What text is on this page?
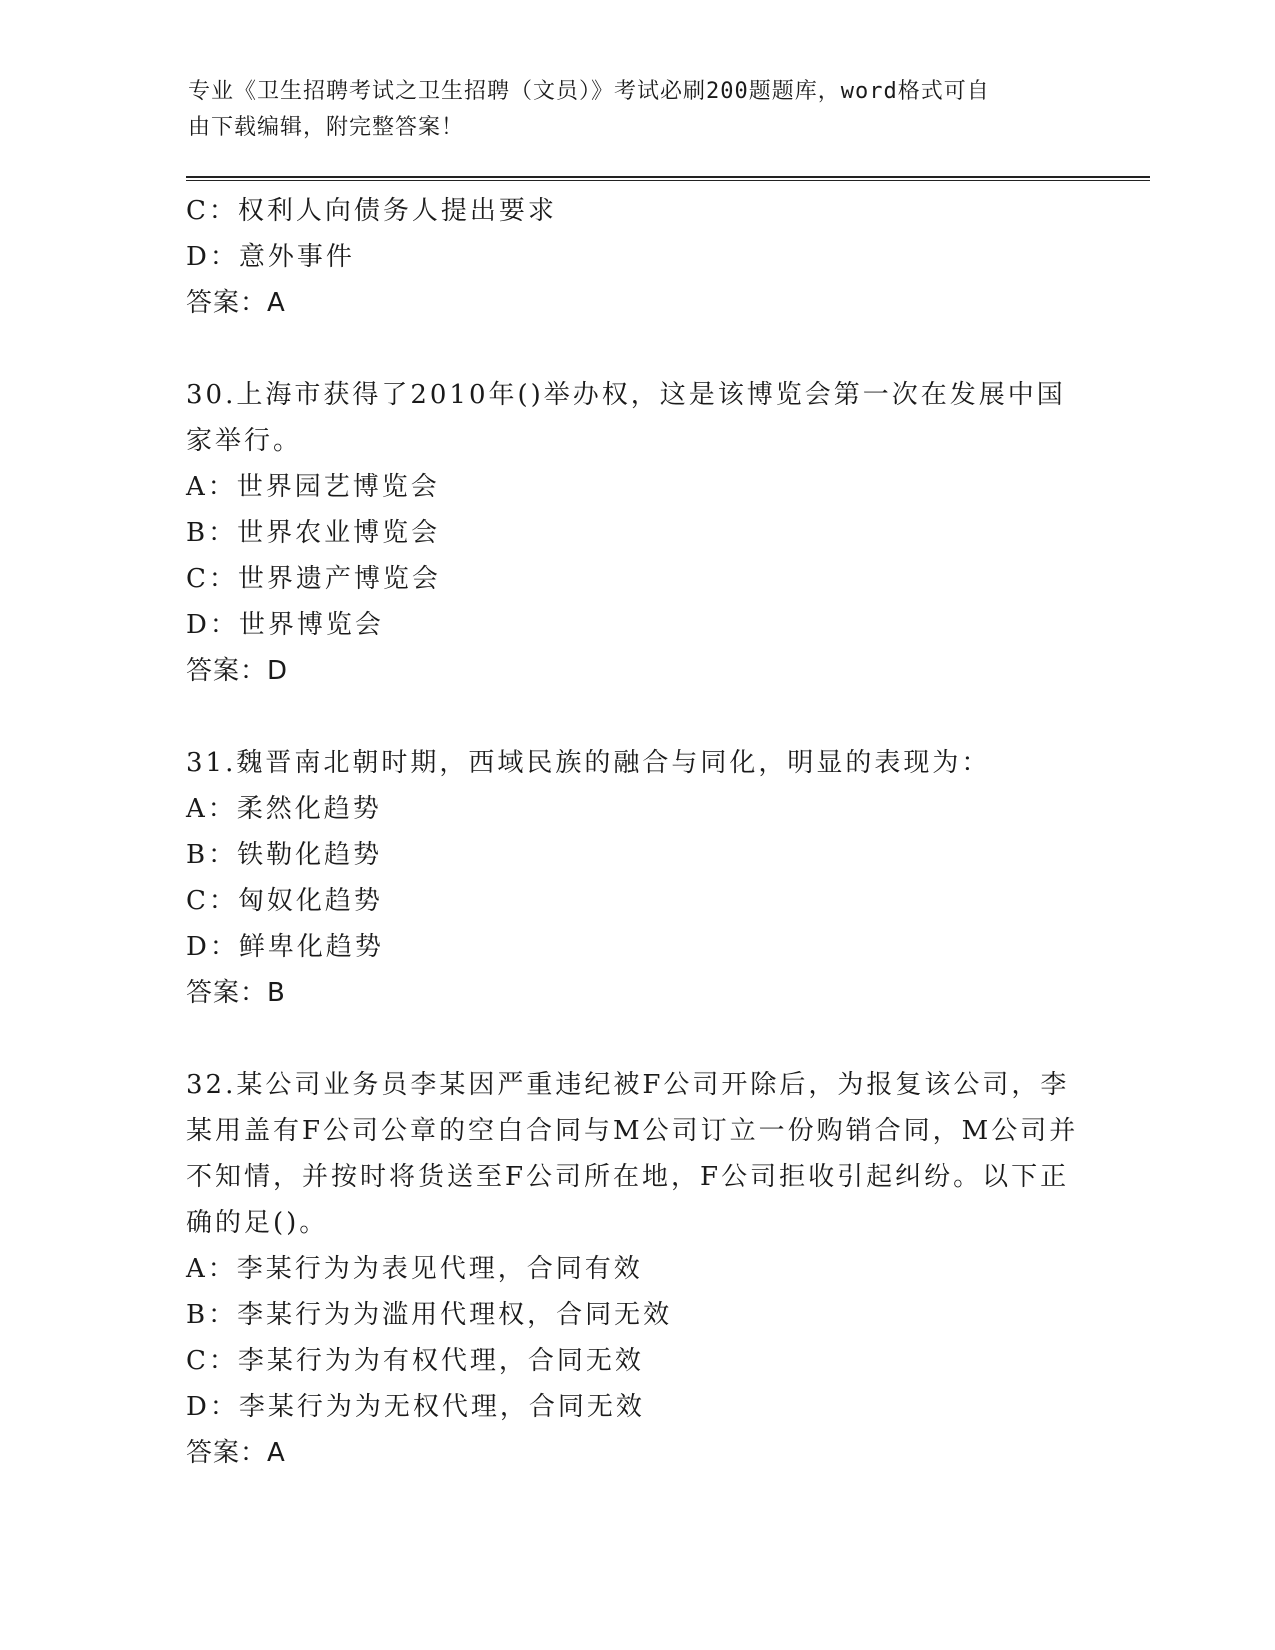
专业《卫生招聘考试之卫生招聘（文员）》考试必刷200题题库，word格式可自
由下载编辑，附完整答案！
C：权利人向债务人提出要求
D：意外事件
答案：A
30.上海市获得了2010年()举办权，这是该博览会第一次在发展中国
家举行。
A：世界园艺博览会
B：世界农业博览会
C：世界遗产博览会
D：世界博览会
答案：D
31.魏晋南北朝时期，西域民族的融合与同化，明显的表现为：
A：柔然化趋势
B：铁勒化趋势
C：匈奴化趋势
D：鲜卑化趋势
答案：B
32.某公司业务员李某因严重违纪被F公司开除后，为报复该公司，李
某用盖有F公司公章的空白合同与M公司订立一份购销合同，M公司并
不知情，并按时将货送至F公司所在地，F公司拒收引起纠纷。以下正
确的足()。
A：李某行为为表见代理，合同有效
B：李某行为为滥用代理权，合同无效
C：李某行为为有权代理，合同无效
D：李某行为为无权代理，合同无效
答案：A
